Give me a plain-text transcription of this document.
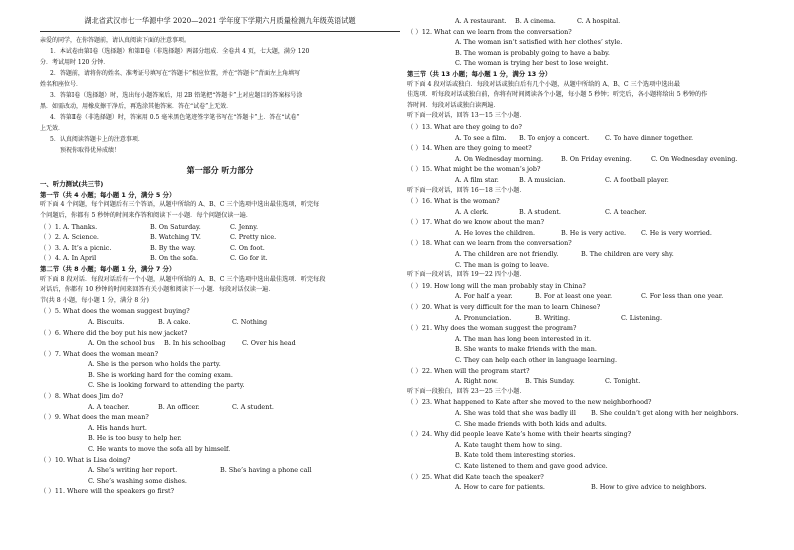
湖北省武汉市七一华源中学 2020—2021 学年度下学期六月质量检测九年级英语试题
亲爱的同学，在你答题前，请认真阅读下面的注意事项。
1．本试卷由第Ⅰ卷（选择题）和第Ⅱ卷（非选择题）两部分组成．全卷共 4 页，七大题，满分 120
分．考试用时 120 分钟．
2．答题前，请将你的姓名、准考证号填写在“答题卡”相应位置，并在“答题卡”背面左上角填写
姓名和座位号．
3．答第Ⅰ卷（选择题）时，选出每小题答案后，用 2B 铅笔把“答题卡”上对应题目的答案标号涂
黑．如需改动，用橡皮擦干净后，再选涂其他答案．答在“试卷”上无效．
4．答第Ⅱ卷（非选择题）时，答案用 0.5 毫米黑色笔迹签字笔书写在“答题卡”上．答在“试卷”
上无效．
5．认真阅读答题卡上的注意事项．
预祝你取得优异成绩！
第一部分 听力部分
一、听力测试(共三节)
第一节（共 4 小题；每小题 1 分，满分 5 分）
听下面 4 个问题，每个问题后有三个答语，从题中所给的 A、B、C 三个选项中选出最佳选项，听完每
个问题后，你都有 5 秒钟的时间来作答和阅读下一小题．每个问题仅读一遍．
（ ）1. A. Thanks.	B. On Saturday.	C. Jenny.
（ ）2. A. Science.	B. Watching TV.	C. Pretty nice.
（ ）3. A. It’s a picnic.	B. By the way.	C. On foot.
（ ）4. A. In April	B. On the sofa.	C. Go for it.
第二节（共 8 小题；每小题 1 分，满分 7 分）
听下面 8 段对话．每段对话后有一个小题，从题中所给的 A、B、C 三个选项中选出最佳选项．听完每段
对话后，你都有 10 秒钟的时间来回答有关小题和阅读下一小题．每段对话仅读一遍．
节(共 8 小题，每小题 1 分，满分 8 分)
（ ）5. What does the woman suggest buying?
A. Biscuits.	B. A cake.	C. Nothing
（ ）6. Where did the boy put his new jacket?
A. On the school bus	B. In his schoolbag	C. Over his head
（ ）7. What does the woman mean?
A. She is the person who holds the party.
B. She is working hard for the coming exam.
C. She is looking forward to attending the party.
（ ）8. What does Jim do?
A. A teacher.	B. An officer.	C. A student.
（ ）9. What does the man mean?
A. His hands hurt.
B. He is too busy to help her.
C. He wants to move the sofa all by himself.
（ ）10. What is Lisa doing?
A. She’s writing her report.	B. She’s having a phone call
C. She’s washing some dishes.
（ ）11. Where will the speakers go first?
A. A restaurant.	B. A cinema.	C. A hospital.
（ ）12. What can we learn from the conversation?
A. The woman isn’t satisfied with her clothes’ style.
B. The woman is probably going to have a baby.
C. The woman is trying her best to lose weight.
第三节（共 13 小题；每小题 1 分，满分 13 分）
听下面 4 段对话或独白．每段对话或独白后有几个小题，从题中所给的 A、B、C 三个选项中选出最
佳选项．听每段对话或独白前，你将有时间阅读各个小题，每小题 5 秒钟；听完后，各小题将给出 5 秒钟的作
答时间．每段对话或独白读两遍．
听下面一段对话，回答 13～15 三个小题．
（ ）13. What are they going to do?
A. To see a film.	B. To enjoy a concert.	C. To have dinner together.
（ ）14. When are they going to meet?
A. On Wednesday morning.	B. On Friday evening.	C. On Wednesday evening.
（ ）15. What might be the woman’s job?
A. A film star.	B. A musician.	C. A football player.
听下面一段对话，回答 16～18 三个小题．
（ ）16. What is the woman?
A. A clerk.	B. A student.	C. A teacher.
（ ）17. What do we know about the man?
A. He loves the children.	B. He is very active.	C. He is very worried.
（ ）18. What can we learn from the conversation?
A. The children are not friendly.	B. The children are very shy.
C. The man is going to leave.
听下面一段对话，回答 19～22 四个小题．
（ ）19. How long will the man probably stay in China?
A. For half a year.	B. For at least one year.	C. For less than one year.
（ ）20. What is very difficult for the man to learn Chinese?
A. Pronunciation.	B. Writing.	C. Listening.
（ ）21. Why does the woman suggest the program?
A. The man has long been interested in it.
B. She wants to make friends with the man.
C. They can help each other in language learning.
（ ）22. When will the program start?
A. Right now.	B. This Sunday.	C. Tonight.
听下面一段独白，回答 23～25 三个小题．
（ ）23. What happened to Kate after she moved to the new neighborhood?
A. She was told that she was badly ill	B. She couldn’t get along with her neighbors.
C. She made friends with both kids and adults.
（ ）24. Why did people leave Kate’s home with their hearts singing?
A. Kate taught them how to sing.
B. Kate told them interesting stories.
C. Kate listened to them and gave good advice.
（ ）25. What did Kate teach the speaker?
A. How to care for patients.	B. How to give advice to neighbors.
